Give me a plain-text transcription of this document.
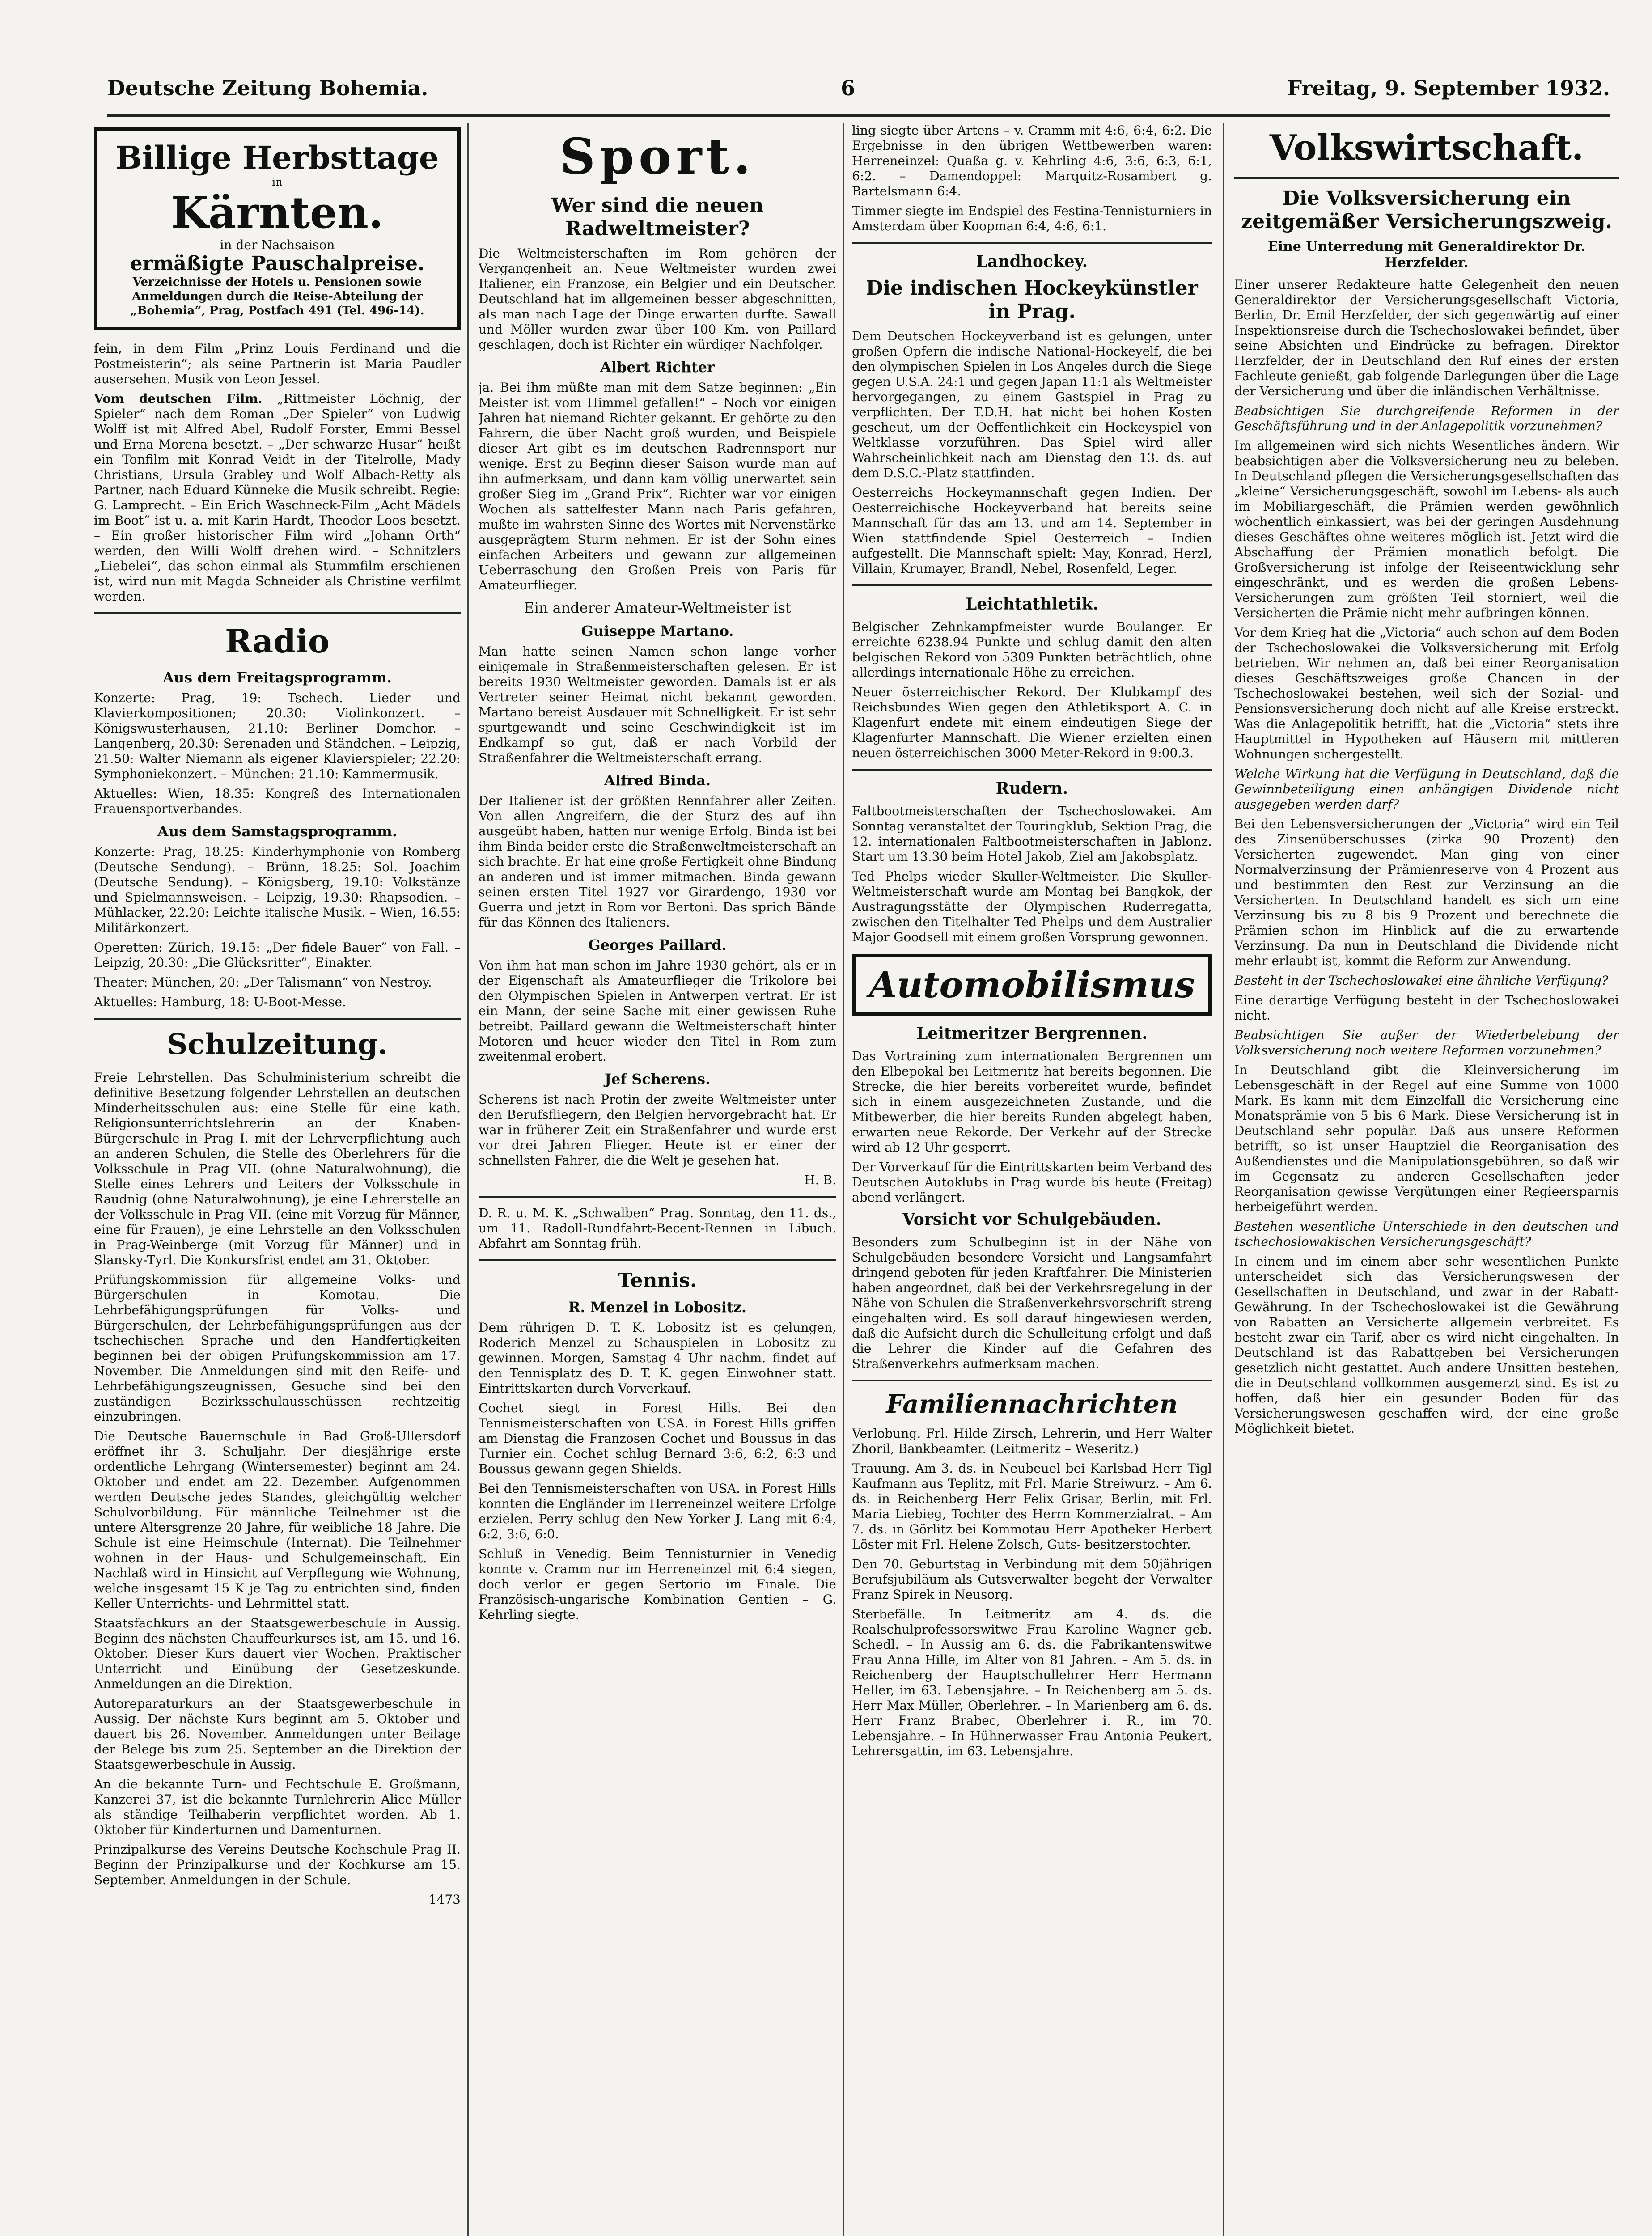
Deutsche Zeitung Bohemia.	6	Freitag, 9. September 1932.
Billige Herbsttage
in
Kärnten.
in der Nachsaison
ermäßigte Pauschalpreise.
Verzeichnisse der Hotels u. Pensionen sowie Anmeldungen durch die Reise-Abteilung der „Bohemia“, Prag, Postfach 491 (Tel. 496-14).

fein, in dem Film „Prinz Louis Ferdinand und die Postmeisterin“; als seine Partnerin ist Maria Paudler ausersehen. Musik von Leon Jessel.

Vom deutschen Film. „Rittmeister Löchnig, der Spieler“ nach dem Roman „Der Spieler“ von Ludwig Wolff ist mit Alfred Abel, Rudolf Forster, Emmi Bessel und Erna Morena besetzt. – „Der schwarze Husar“ heißt ein Tonfilm mit Konrad Veidt in der Titelrolle, Mady Christians, Ursula Grabley und Wolf Albach-Retty als Partner, nach Eduard Künneke die Musik schreibt. Regie: G. Lamprecht. – Ein Erich Waschneck-Film „Acht Mädels im Boot“ ist u. a. mit Karin Hardt, Theodor Loos besetzt. – Ein großer historischer Film wird „Johann Orth“ werden, den Willi Wolff drehen wird. – Schnitzlers „Liebelei“, das schon einmal als Stummfilm erschienen ist, wird nun mit Magda Schneider als Christine verfilmt werden.

Radio
Aus dem Freitagsprogramm.

Konzerte: Prag, 19: Tschech. Lieder und Klavierkompositionen; 20.30: Violinkonzert. – Königswusterhausen, 21.10: Berliner Domchor. – Langenberg, 20.30: Serenaden und Ständchen. – Leipzig, 21.50: Walter Niemann als eigener Klavierspieler; 22.20: Symphoniekonzert. – München: 21.10: Kammermusik.

Aktuelles: Wien, 18.35: Kongreß des Internationalen Frauensportverbandes.

Aus dem Samstagsprogramm.

Konzerte: Prag, 18.25: Kinderhymphonie von Romberg (Deutsche Sendung). – Brünn, 18.25: Sol. Joachim (Deutsche Sendung). – Königsberg, 19.10: Volkstänze und Spielmannsweisen. – Leipzig, 19.30: Rhapsodien. – Mühlacker, 22.20: Leichte italische Musik. – Wien, 16.55: Militärkonzert.

Operetten: Zürich, 19.15: „Der fidele Bauer“ von Fall. – Leipzig, 20.30: „Die Glücksritter“, Einakter.

Theater: München, 20: „Der Talismann“ von Nestroy.

Aktuelles: Hamburg, 18: U-Boot-Messe.

Schulzeitung.

Freie Lehrstellen. Das Schulministerium schreibt die definitive Besetzung folgender Lehrstellen an deutschen Minderheitsschulen aus: eine Stelle für eine kath. Religionsunterrichtslehrerin an der Knaben-Bürgerschule in Prag I. mit der Lehrverpflichtung auch an anderen Schulen, die Stelle des Oberlehrers für die Volksschule in Prag VII. (ohne Naturalwohnung), die Stelle eines Lehrers und Leiters der Volksschule in Raudnig (ohne Naturalwohnung), je eine Lehrerstelle an der Volksschule in Prag VII. (eine mit Vorzug für Männer, eine für Frauen), je eine Lehrstelle an den Volksschulen in Prag-Weinberge (mit Vorzug für Männer) und in Slansky-Tyrl. Die Konkursfrist endet am 31. Oktober.

Prüfungskommission für allgemeine Volks- und Bürgerschulen in Komotau. Die Lehrbefähigungsprüfungen für Volks- und Bürgerschulen, der Lehrbefähigungsprüfungen aus der tschechischen Sprache und den Handfertigkeiten beginnen bei der obigen Prüfungskommission am 17. November. Die Anmeldungen sind mit den Reife- und Lehrbefähigungszeugnissen, Gesuche sind bei den zuständigen Bezirksschulausschüssen rechtzeitig einzubringen.

Die Deutsche Bauernschule in Bad Groß-Ullersdorf eröffnet ihr 3. Schuljahr. Der diesjährige erste ordentliche Lehrgang (Wintersemester) beginnt am 24. Oktober und endet am 22. Dezember. Aufgenommen werden Deutsche jedes Standes, gleichgültig welcher Schulvorbildung. Für männliche Teilnehmer ist die untere Altersgrenze 20 Jahre, für weibliche 18 Jahre. Die Schule ist eine Heimschule (Internat). Die Teilnehmer wohnen in der Haus- und Schulgemeinschaft. Ein Nachlaß wird in Hinsicht auf Verpflegung wie Wohnung, welche insgesamt 15 K je Tag zu entrichten sind, finden Keller Unterrichts- und Lehrmittel statt.

Staatsfachkurs an der Staatsgewerbeschule in Aussig. Beginn des nächsten Chauffeurkurses ist, am 15. und 16. Oktober. Dieser Kurs dauert vier Wochen. Praktischer Unterricht und Einübung der Gesetzeskunde. Anmeldungen an die Direktion.

Autoreparaturkurs an der Staatsgewerbeschule in Aussig. Der nächste Kurs beginnt am 5. Oktober und dauert bis 26. November. Anmeldungen unter Beilage der Belege bis zum 25. September an die Direktion der Staatsgewerbeschule in Aussig.

An die bekannte Turn- und Fechtschule E. Großmann, Kanzerei 37, ist die bekannte Turnlehrerin Alice Müller als ständige Teilhaberin verpflichtet worden. Ab 1. Oktober für Kinderturnen und Damenturnen.

Prinzipalkurse des Vereins Deutsche Kochschule Prag II. Beginn der Prinzipalkurse und der Kochkurse am 15. September. Anmeldungen in der Schule.

1473

Sport.
Wer sind die neuen Radweltmeister?

Die Weltmeisterschaften im Rom gehören der Vergangenheit an. Neue Weltmeister wurden zwei Italiener, ein Franzose, ein Belgier und ein Deutscher. Deutschland hat im allgemeinen besser abgeschnitten, als man nach Lage der Dinge erwarten durfte. Sawall und Möller wurden zwar über 100 Km. von Paillard geschlagen, doch ist Richter ein würdiger Nachfolger.

Albert Richter

ja. Bei ihm müßte man mit dem Satze beginnen: „Ein Meister ist vom Himmel gefallen!“ – Noch vor einigen Jahren hat niemand Richter gekannt. Er gehörte zu den Fahrern, die über Nacht groß wurden, und Beispiele dieser Art gibt es im deutschen Radrennsport nur wenige. Erst zu Beginn dieser Saison wurde man auf ihn aufmerksam, und dann kam völlig unerwartet sein großer Sieg im „Grand Prix“. Richter war vor einigen Wochen als sattelfester Mann nach Paris gefahren, mußte im wahrsten Sinne des Wortes mit Nervenstärke ausgeprägtem Sturm nehmen. Er ist der Sohn eines einfachen Arbeiters und gewann zur allgemeinen Ueberraschung den Großen Preis von Paris für Amateurflieger.

Ein anderer Amateur-Weltmeister ist
Guiseppe Martano.

Man hatte seinen Namen schon lange vorher einigemale in Straßenmeisterschaften gelesen. Er ist bereits 1930 Weltmeister geworden. Damals ist er als Vertreter seiner Heimat nicht bekannt geworden. Martano bereist Ausdauer mit Schnelligkeit. Er ist sehr spurtgewandt und seine Geschwindigkeit ist im Endkampf so gut, daß er nach Vorbild der Straßenfahrer die Weltmeisterschaft errang.

Alfred Binda.

Der Italiener ist der größten Rennfahrer aller Zeiten. Von allen Angreifern, die der Sturz des auf ihn ausgeübt haben, hatten nur wenige Erfolg. Binda ist bei ihm Binda beider erste die Straßenweltmeisterschaft an sich brachte. Er hat eine große Fertigkeit ohne Bindung an anderen und ist immer mitmachen. Binda gewann seinen ersten Titel 1927 vor Girardengo, 1930 vor Guerra und jetzt in Rom vor Bertoni. Das sprich Bände für das Können des Italieners.

Georges Paillard.

Von ihm hat man schon im Jahre 1930 gehört, als er in der Eigenschaft als Amateurflieger die Trikolore bei den Olympischen Spielen in Antwerpen vertrat. Er ist ein Mann, der seine Sache mit einer gewissen Ruhe betreibt. Paillard gewann die Weltmeisterschaft hinter Motoren und heuer wieder den Titel in Rom zum zweitenmal erobert.

Jef Scherens.

Scherens ist nach Protin der zweite Weltmeister unter den Berufsfliegern, den Belgien hervorgebracht hat. Er war in früherer Zeit ein Straßenfahrer und wurde erst vor drei Jahren Flieger. Heute ist er einer der schnellsten Fahrer, die die Welt je gesehen hat.

H. B.

D. R. u. M. K. „Schwalben“ Prag. Sonntag, den 11. ds., um 11. Radoll-Rundfahrt-Becent-Rennen in Libuch. Abfahrt am Sonntag früh.

Tennis.
R. Menzel in Lobositz.

Dem rührigen D. T. K. Lobositz ist es gelungen, Roderich Menzel zu Schauspielen in Lobositz zu gewinnen. Morgen, Samstag 4 Uhr nachm. findet auf den Tennisplatz des D. T. K. gegen Einwohner statt. Eintrittskarten durch Vorverkauf.

Cochet siegt in Forest Hills. Bei den Tennismeisterschaften von USA. in Forest Hills griffen am Dienstag die Franzosen Cochet und Boussus in das Turnier ein. Cochet schlug Bernard 3:6, 6:2, 6:3 und Boussus gewann gegen Shields.

Bei den Tennismeisterschaften von USA. in Forest Hills konnten die Engländer im Herreneinzel weitere Erfolge erzielen. Perry schlug den New Yorker J. Lang mit 6:4, 6:2, 3:6, 6:0.

Schluß in Venedig. Beim Tennisturnier in Venedig konnte v. Cramm nur im Herreneinzel mit 6:4 siegen, doch verlor er gegen Sertorio im Finale. Die Französisch-ungarische Kombination Gentien – G. Kehrling siegte.

ling siegte über Artens – v. Cramm mit 4:6, 6:4, 6:2. Die Ergebnisse in den übrigen Wettbewerben waren: Herreneinzel: Quaßa g. v. Kehrling 4:6, 3:6, 6:3, 6:1, 6:2. – Damendoppel: Marquitz-Rosambert g. Bartelsmann 6:4.

Timmer siegte im Endspiel des Festina-Tennisturniers in Amsterdam über Koopman 6:4, 4:6, 6:1.

Landhockey.
Die indischen Hockeykünstler in Prag.

Dem Deutschen Hockeyverband ist es gelungen, unter großen Opfern die indische National-Hockeyelf, die bei den olympischen Spielen in Los Angeles durch die Siege gegen U.S.A. 24:1 und gegen Japan 11:1 als Weltmeister hervorgegangen, zu einem Gastspiel in Prag zu verpflichten. Der T.D.H. hat nicht bei hohen Kosten gescheut, um der Oeffentlichkeit ein Hockeyspiel von Weltklasse vorzuführen. Das Spiel wird aller Wahrscheinlichkeit nach am Dienstag den 13. ds. auf dem D.S.C.-Platz stattfinden.

Oesterreichs Hockeymannschaft gegen Indien. Der Oesterreichische Hockeyverband hat bereits seine Mannschaft für das am 13. und am 14. September in Wien stattfindende Spiel Oesterreich – Indien aufgestellt. Die Mannschaft spielt: May, Konrad, Herzl, Villain, Krumayer, Brandl, Nebel, Rosenfeld, Leger.

Leichtathletik.

Belgischer Zehnkampfmeister wurde Boulanger. Er erreichte 6238.94 Punkte und schlug damit den alten belgischen Rekord von 5309 Punkten beträchtlich, ohne allerdings internationale Höhe zu erreichen.

Neuer österreichischer Rekord. Der Klubkampf des Reichsbundes Wien gegen den Athletiksport A. C. in Klagenfurt endete mit einem eindeutigen Siege der Klagenfurter Mannschaft. Die Wiener erzielten einen neuen österreichischen 3000 Meter-Rekord in 9:00.3.

Rudern.

Faltbootmeisterschaften der Tschechoslowakei. Am Sonntag veranstaltet der Touringklub, Sektion Prag, die 12. internationalen Faltbootmeisterschaften in Jablonz. Start um 13.30 beim Hotel Jakob, Ziel am Jakobsplatz.

Ted Phelps wieder Skuller-Weltmeister. Die Skuller-Weltmeisterschaft wurde am Montag bei Bangkok, der Austragungsstätte der Olympischen Ruderregatta, zwischen den Titelhalter Ted Phelps und dem Australier Major Goodsell mit einem großen Vorsprung gewonnen.

Automobilismus
Leitmeritzer Bergrennen.

Das Vortraining zum internationalen Bergrennen um den Elbepokal bei Leitmeritz hat bereits begonnen. Die Strecke, die hier bereits vorbereitet wurde, befindet sich in einem ausgezeichneten Zustande, und die Mitbewerber, die hier bereits Runden abgelegt haben, erwarten neue Rekorde. Der Verkehr auf der Strecke wird ab 12 Uhr gesperrt.

Der Vorverkauf für die Eintrittskarten beim Verband des Deutschen Autoklubs in Prag wurde bis heute (Freitag) abend verlängert.

Vorsicht vor Schulgebäuden.

Besonders zum Schulbeginn ist in der Nähe von Schulgebäuden besondere Vorsicht und Langsamfahrt dringend geboten für jeden Kraftfahrer. Die Ministerien haben angeordnet, daß bei der Verkehrsregelung in der Nähe von Schulen die Straßenverkehrsvorschrift streng eingehalten wird. Es soll darauf hingewiesen werden, daß die Aufsicht durch die Schulleitung erfolgt und daß die Lehrer die Kinder auf die Gefahren des Straßenverkehrs aufmerksam machen.

Familiennachrichten

Verlobung. Frl. Hilde Zirsch, Lehrerin, und Herr Walter Zhoril, Bankbeamter. (Leitmeritz – Weseritz.)

Trauung. Am 3. ds. in Neubeuel bei Karlsbad Herr Tigl Kaufmann aus Teplitz, mit Frl. Marie Streiwurz. – Am 6. ds. in Reichenberg Herr Felix Grisar, Berlin, mit Frl. Maria Liebieg, Tochter des Herrn Kommerzialrat. – Am 7. ds. in Görlitz bei Kommotau Herr Apotheker Herbert Löster mit Frl. Helene Zolsch, Guts- besitzerstochter.

Den 70. Geburtstag in Verbindung mit dem 50jährigen Berufsjubiläum als Gutsverwalter begeht der Verwalter Franz Spirek in Neusorg.

Sterbefälle. In Leitmeritz am 4. ds. die Realschulprofessorswitwe Frau Karoline Wagner geb. Schedl. – In Aussig am 6. ds. die Fabrikantenswitwe Frau Anna Hille, im Alter von 81 Jahren. – Am 5. ds. in Reichenberg der Hauptschullehrer Herr Hermann Heller, im 63. Lebensjahre. – In Reichenberg am 5. ds. Herr Max Müller, Oberlehrer. – In Marienberg am 6. ds. Herr Franz Brabec, Oberlehrer i. R., im 70. Lebensjahre. – In Hühnerwasser Frau Antonia Peukert, Lehrersgattin, im 63. Lebensjahre.

Volkswirtschaft.
Die Volksversicherung ein zeitgemäßer Versicherungszweig.
Eine Unterredung mit Generaldirektor Dr. Herzfelder.

Einer unserer Redakteure hatte Gelegenheit den neuen Generaldirektor der Versicherungsgesellschaft Victoria, Berlin, Dr. Emil Herzfelder, der sich gegenwärtig auf einer Inspektionsreise durch die Tschechoslowakei befindet, über seine Absichten und Eindrücke zu befragen. Direktor Herzfelder, der in Deutschland den Ruf eines der ersten Fachleute genießt, gab folgende Darlegungen über die Lage der Versicherung und über die inländischen Verhältnisse.

Beabsichtigen Sie durchgreifende Reformen in der Geschäftsführung und in der Anlagepolitik vorzunehmen?

Im allgemeinen wird sich nichts Wesentliches ändern. Wir beabsichtigen aber die Volksversicherung neu zu beleben. In Deutschland pflegen die Versicherungsgesellschaften das „kleine“ Versicherungsgeschäft, sowohl im Lebens- als auch im Mobiliargeschäft, die Prämien werden gewöhnlich wöchentlich einkassiert, was bei der geringen Ausdehnung dieses Geschäftes ohne weiteres möglich ist. Jetzt wird die Abschaffung der Prämien monatlich befolgt. Die Großversicherung ist infolge der Reiseentwicklung sehr eingeschränkt, und es werden die großen Lebens-Versicherungen zum größten Teil storniert, weil die Versicherten die Prämie nicht mehr aufbringen können.

Vor dem Krieg hat die „Victoria“ auch schon auf dem Boden der Tschechoslowakei die Volksversicherung mit Erfolg betrieben. Wir nehmen an, daß bei einer Reorganisation dieses Geschäftszweiges große Chancen in der Tschechoslowakei bestehen, weil sich der Sozial- und Pensionsversicherung doch nicht auf alle Kreise erstreckt. Was die Anlagepolitik betrifft, hat die „Victoria“ stets ihre Hauptmittel in Hypotheken auf Häusern mit mittleren Wohnungen sichergestellt.

Welche Wirkung hat die Verfügung in Deutschland, daß die Gewinnbeteiligung einen anhängigen Dividende nicht ausgegeben werden darf?

Bei den Lebensversicherungen der „Victoria“ wird ein Teil des Zinsenüberschusses (zirka 90 Prozent) den Versicherten zugewendet. Man ging von einer Normalverzinsung der Prämienreserve von 4 Prozent aus und bestimmten den Rest zur Verzinsung an die Versicherten. In Deutschland handelt es sich um eine Verzinsung bis zu 8 bis 9 Prozent und berechnete die Prämien schon im Hinblick auf die zu erwartende Verzinsung. Da nun in Deutschland die Dividende nicht mehr erlaubt ist, kommt die Reform zur Anwendung.

Besteht in der Tschechoslowakei eine ähnliche Verfügung?

Eine derartige Verfügung besteht in der Tschechoslowakei nicht.

Beabsichtigen Sie außer der Wiederbelebung der Volksversicherung noch weitere Reformen vorzunehmen?

In Deutschland gibt die Kleinversicherung im Lebensgeschäft in der Regel auf eine Summe von 1000 Mark. Es kann mit dem Einzelfall die Versicherung eine Monatsprämie von 5 bis 6 Mark. Diese Versicherung ist in Deutschland sehr populär. Daß aus unsere Reformen betrifft, so ist unser Hauptziel die Reorganisation des Außendienstes und die Manipulationsgebühren, so daß wir im Gegensatz zu anderen Gesellschaften jeder Reorganisation gewisse Vergütungen einer Regieersparnis herbeigeführt werden.

Bestehen wesentliche Unterschiede in den deutschen und tschechoslowakischen Versicherungsgeschäft?

In einem und im einem aber sehr wesentlichen Punkte unterscheidet sich das Versicherungswesen der Gesellschaften in Deutschland, und zwar in der Rabatt-Gewährung. In der Tschechoslowakei ist die Gewährung von Rabatten an Versicherte allgemein verbreitet. Es besteht zwar ein Tarif, aber es wird nicht eingehalten. In Deutschland ist das Rabattgeben bei Versicherungen gesetzlich nicht gestattet. Auch andere Unsitten bestehen, die in Deutschland vollkommen ausgemerzt sind. Es ist zu hoffen, daß hier ein gesunder Boden für das Versicherungswesen geschaffen wird, der eine große Möglichkeit bietet.
